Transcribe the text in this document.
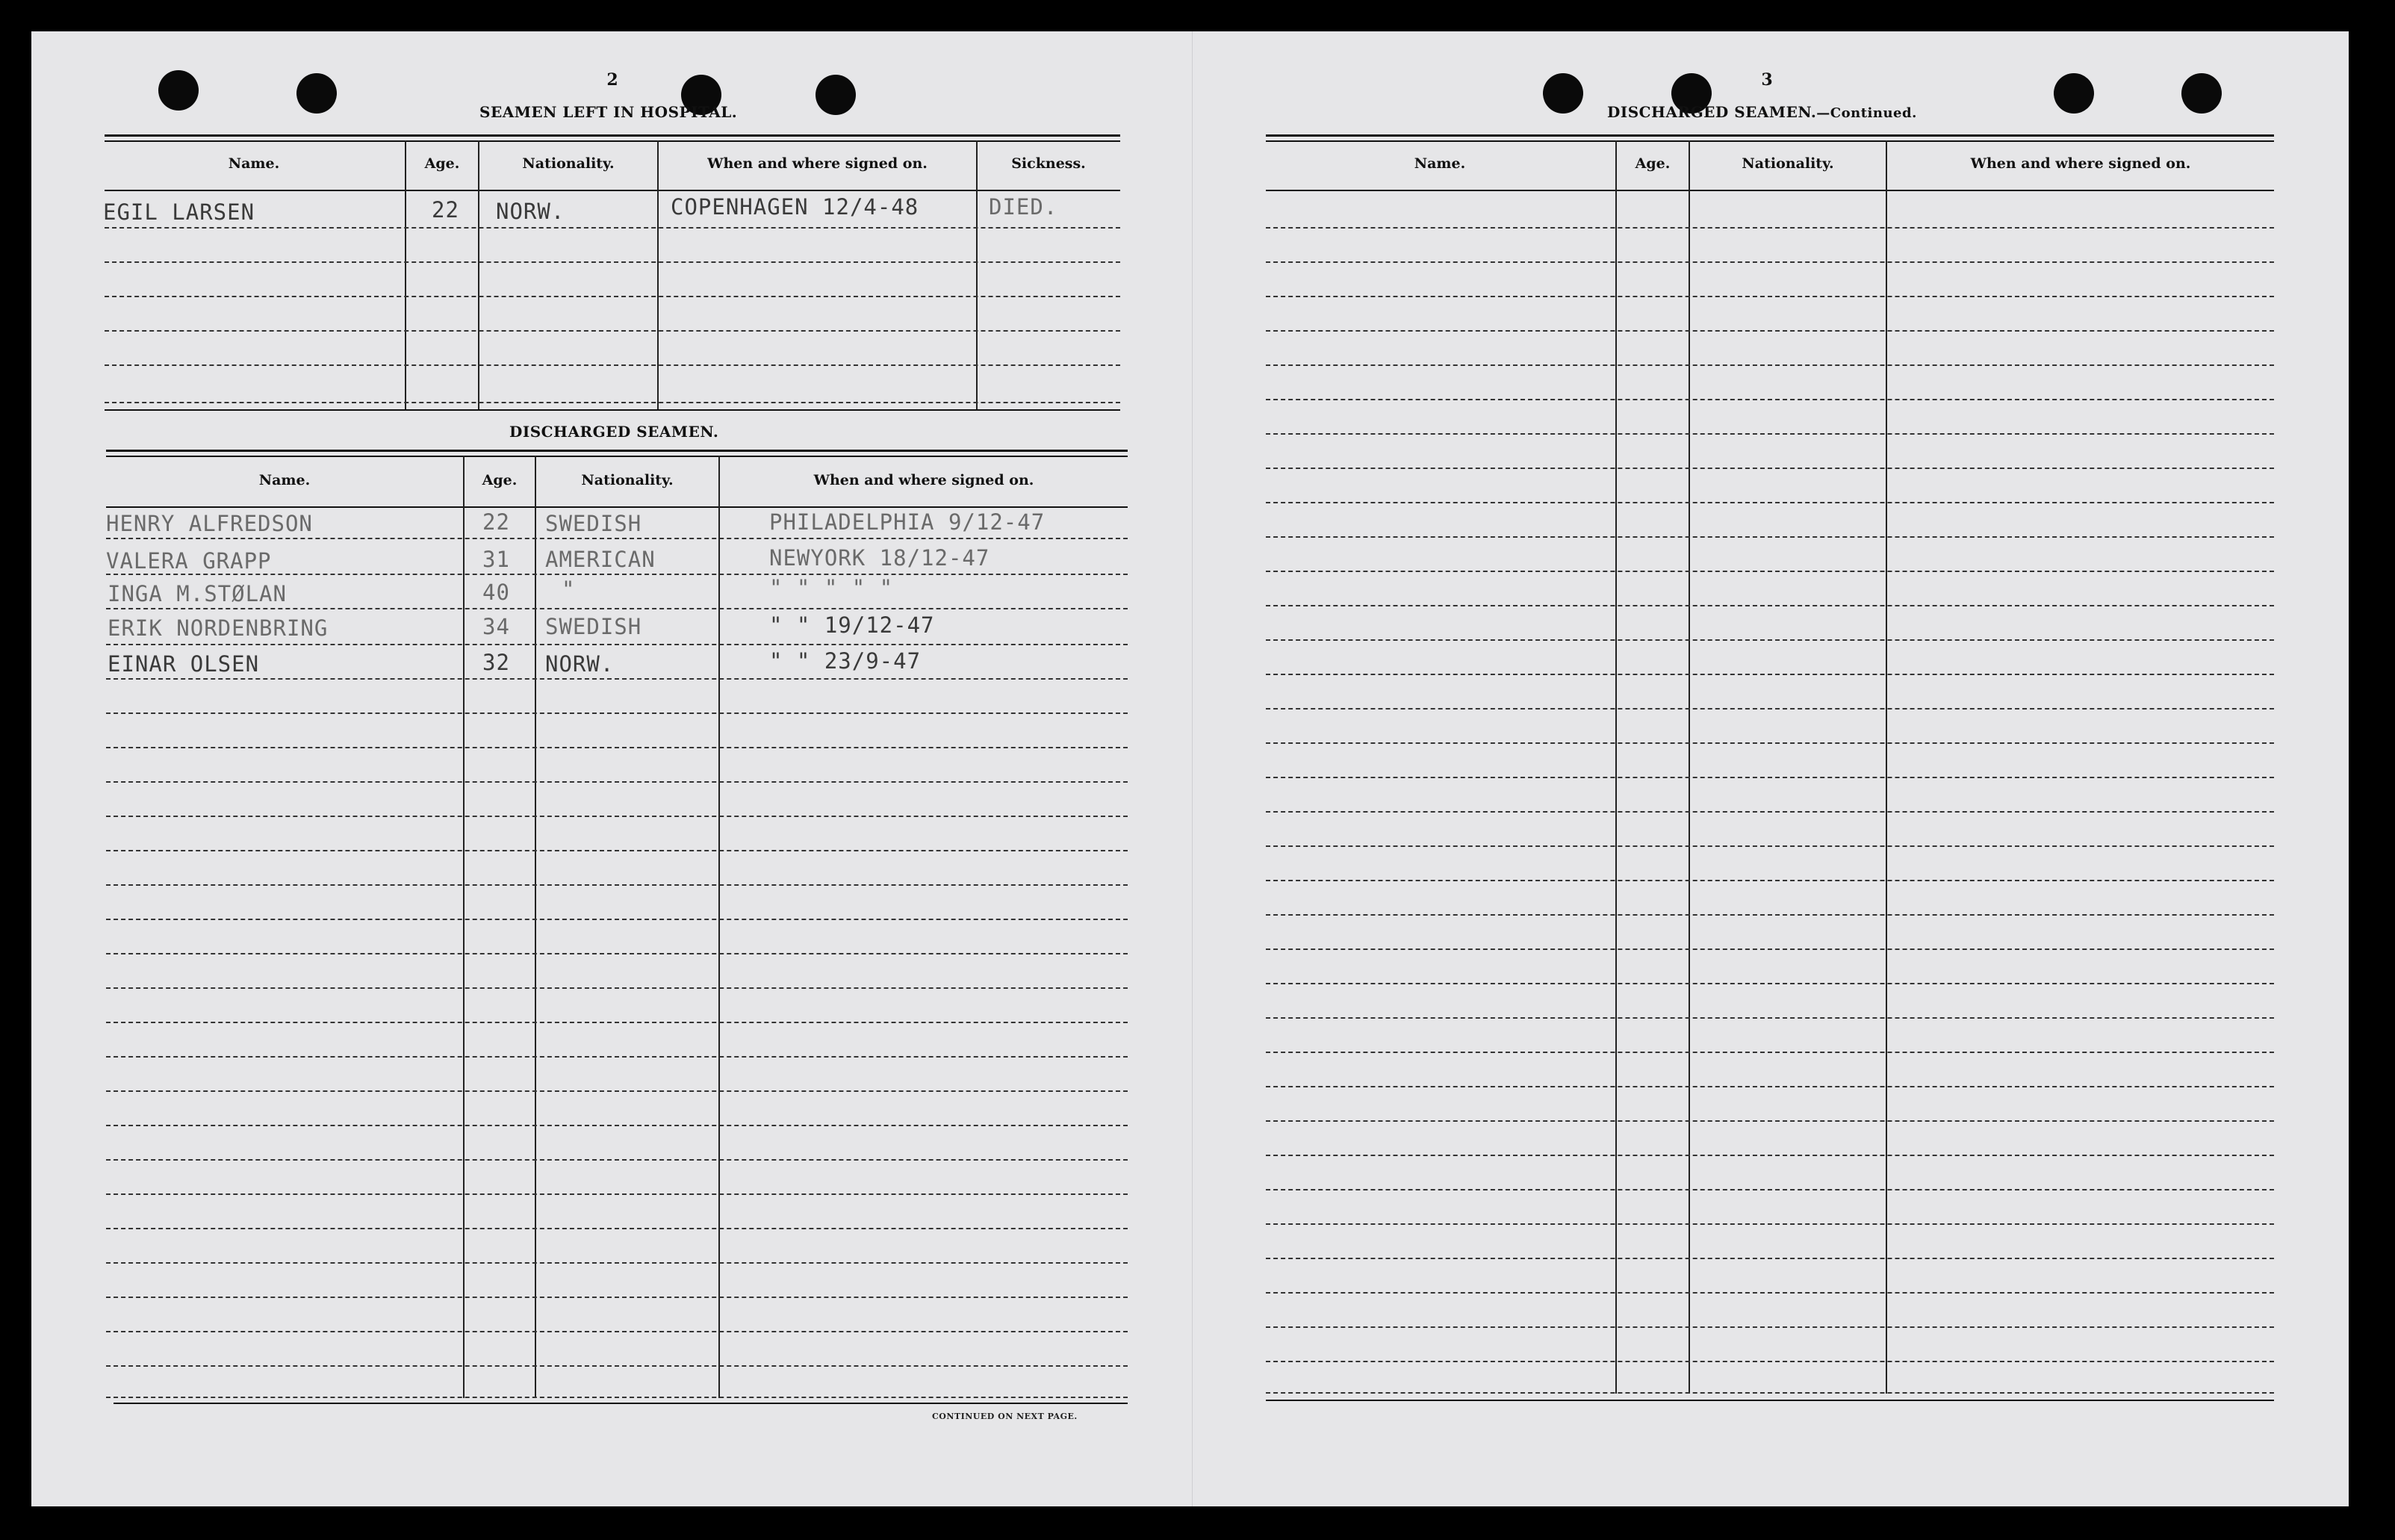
2
SEAMEN LEFT IN HOSPITAL.
Name.	Age.	Nationality.	When and where signed on.	Sickness.
EGIL LARSEN	22 NORW.	COPENHAGEN 12/4-48	DIED.
DISCHARGED SEAMEN.
Name.	Age.	Nationality.	When and where signed on.
HENRY ALFREDSON	22 SWEDISH	PHILADELPHIA 9/12-47
VALERA GRAPP	31 AMERICAN	NEWYORK 18/12-47
INGA M.STØLAN	40 "	" " " " "
ERIK NORDENBRING	34 SWEDISH	" " 19/12-47
EINAR OLSEN	32 NORW.	" " 23/9-47
CONTINUED ON NEXT PAGE.
3
DISCHARGED SEAMEN.—Continued.
Name.	Age.	Nationality.	When and where signed on.
